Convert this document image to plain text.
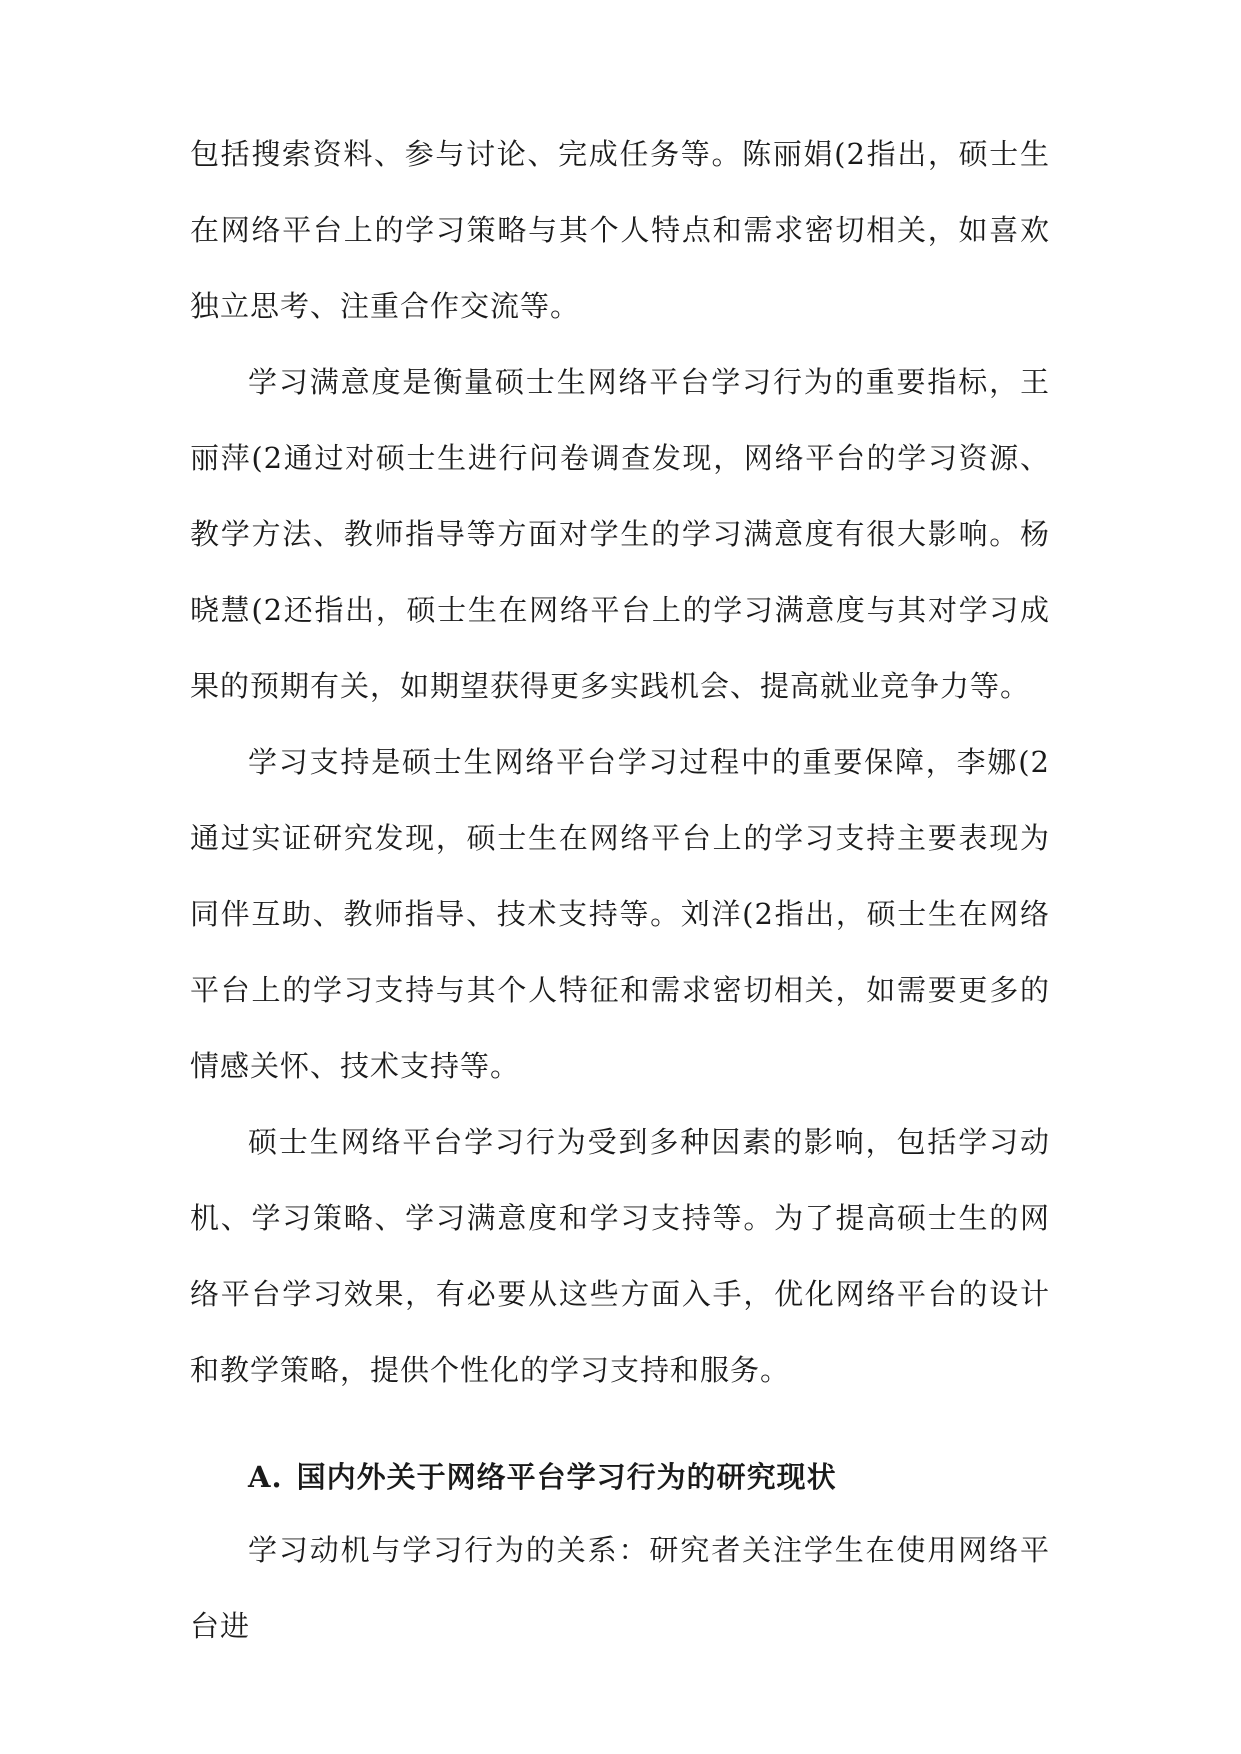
包括搜索资料、参与讨论、完成任务等。陈丽娟(2指出，硕士生在网络平台上的学习策略与其个人特点和需求密切相关，如喜欢独立思考、注重合作交流等。

学习满意度是衡量硕士生网络平台学习行为的重要指标，王丽萍(2通过对硕士生进行问卷调查发现，网络平台的学习资源、教学方法、教师指导等方面对学生的学习满意度有很大影响。杨晓慧(2还指出，硕士生在网络平台上的学习满意度与其对学习成果的预期有关，如期望获得更多实践机会、提高就业竞争力等。

学习支持是硕士生网络平台学习过程中的重要保障，李娜(2通过实证研究发现，硕士生在网络平台上的学习支持主要表现为同伴互助、教师指导、技术支持等。刘洋(2指出，硕士生在网络平台上的学习支持与其个人特征和需求密切相关，如需要更多的情感关怀、技术支持等。

硕士生网络平台学习行为受到多种因素的影响，包括学习动机、学习策略、学习满意度和学习支持等。为了提高硕士生的网络平台学习效果，有必要从这些方面入手，优化网络平台的设计和教学策略，提供个性化的学习支持和服务。

A. 国内外关于网络平台学习行为的研究现状

学习动机与学习行为的关系：研究者关注学生在使用网络平台进
